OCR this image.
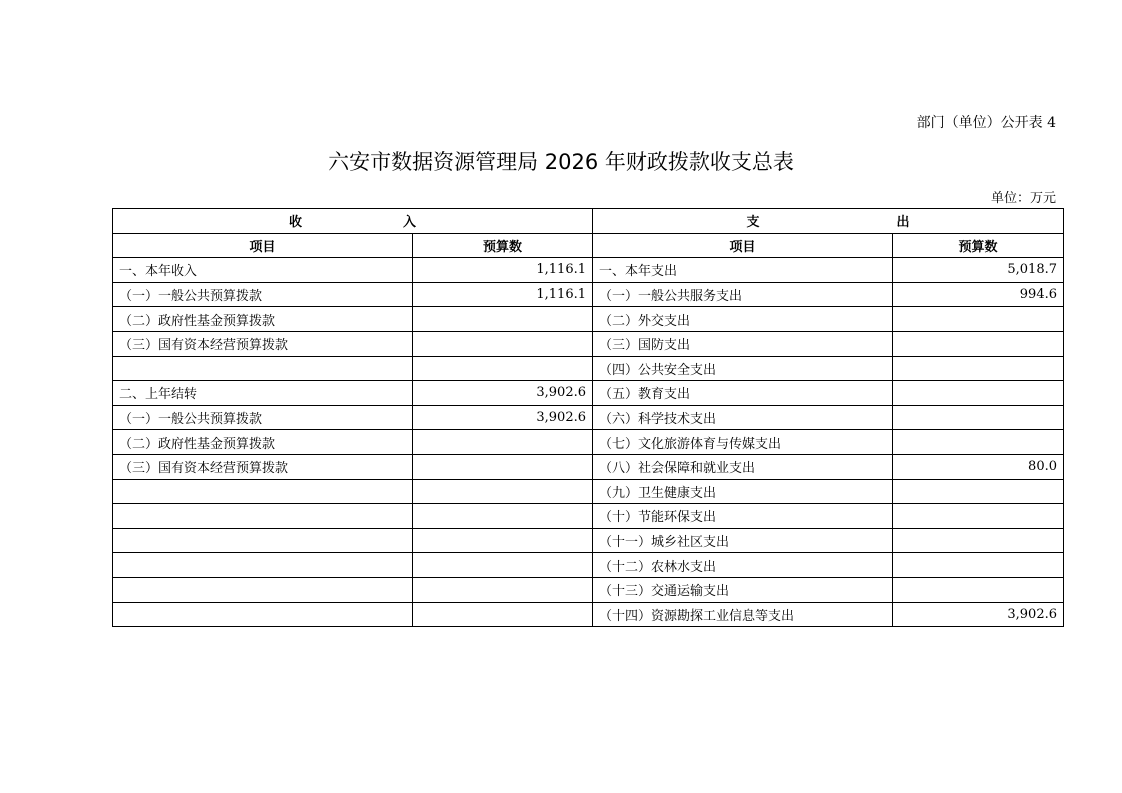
部门（单位）公开表 4
六安市数据资源管理局 2026 年财政拨款收支总表
单位：万元
收 入		支 出	
项目	预算数	项目	预算数
一、本年收入	1,116.1	一、本年支出	5,018.7
（一）一般公共预算拨款	1,116.1	（一）一般公共服务支出	994.6
（二）政府性基金预算拨款		（二）外交支出	
（三）国有资本经营预算拨款		（三）国防支出	
		（四）公共安全支出	
二、上年结转	3,902.6	（五）教育支出	
（一）一般公共预算拨款	3,902.6	（六）科学技术支出	
（二）政府性基金预算拨款		（七）文化旅游体育与传媒支出	
（三）国有资本经营预算拨款		（八）社会保障和就业支出	80.0
		（九）卫生健康支出	
		（十）节能环保支出	
		（十一）城乡社区支出	
		（十二）农林水支出	
		（十三）交通运输支出	
		（十四）资源勘探工业信息等支出	3,902.6
